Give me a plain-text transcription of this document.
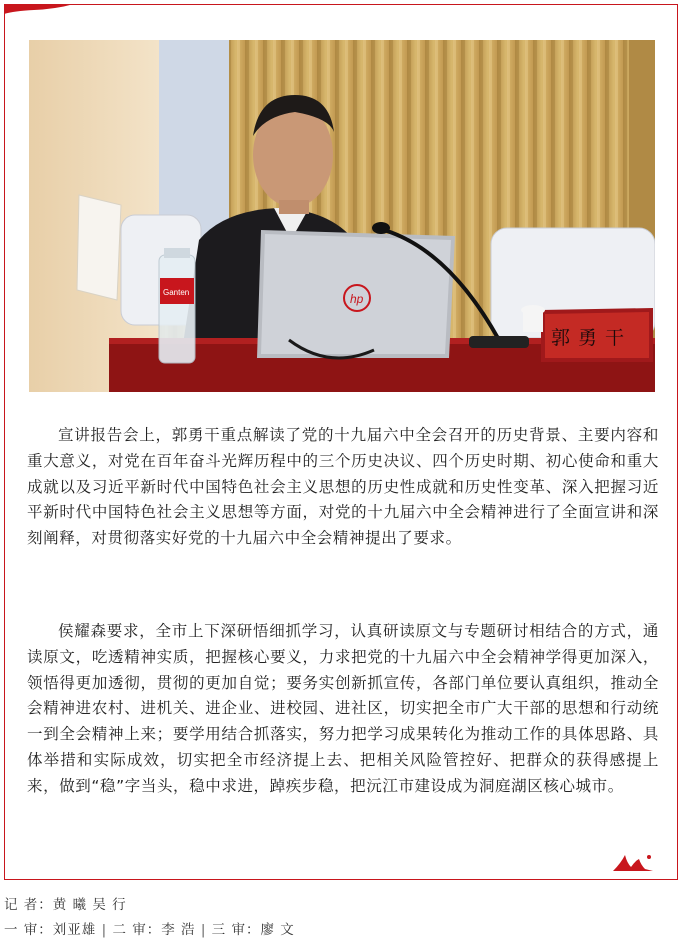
hp
Ganten
郭勇干

宣讲报告会上，郭勇干重点解读了党的十九届六中全会召开的历史背景、主要内容和重大意义，对党在百年奋斗光辉历程中的三个历史决议、四个历史时期、初心使命和重大成就以及习近平新时代中国特色社会主义思想的历史性成就和历史性变革、深入把握习近平新时代中国特色社会主义思想等方面，对党的十九届六中全会精神进行了全面宣讲和深刻阐释，对贯彻落实好党的十九届六中全会精神提出了要求。

侯耀森要求，全市上下深研悟细抓学习，认真研读原文与专题研讨相结合的方式，通读原文，吃透精神实质，把握核心要义，力求把党的十九届六中全会精神学得更加深入，领悟得更加透彻，贯彻的更加自觉；要务实创新抓宣传，各部门单位要认真组织，推动全会精神进农村、进机关、进企业、进校园、进社区，切实把全市广大干部的思想和行动统一到全会精神上来；要学用结合抓落实，努力把学习成果转化为推动工作的具体思路、具体举措和实际成效，切实把全市经济提上去、把相关风险管控好、把群众的获得感提上来，做到“稳”字当头，稳中求进，踔疾步稳，把沅江市建设成为洞庭湖区核心城市。

记 者：黄 曦 吴 行
一 审：刘亚雄 | 二 审：李 浩 | 三 审：廖 文
